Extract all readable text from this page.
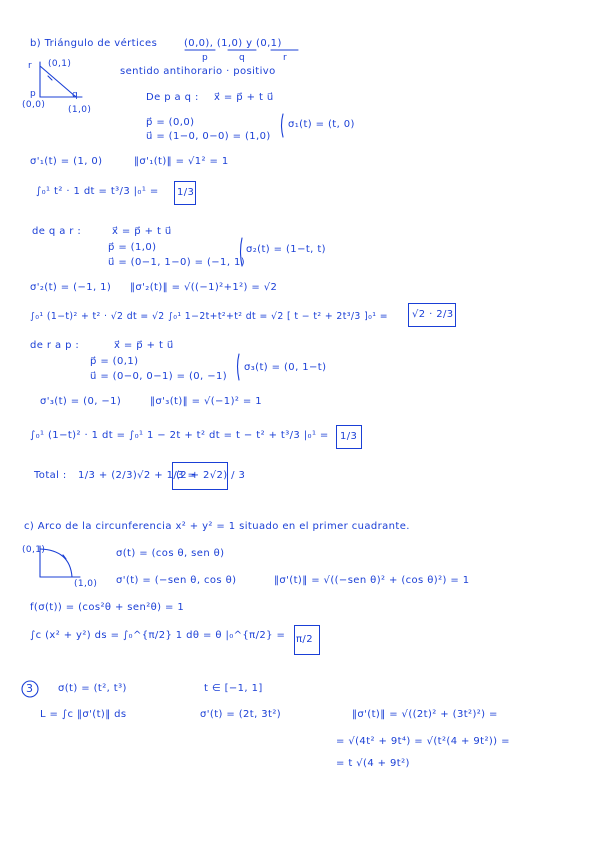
b) Triángulo de vértices	(0,0), (1,0) y (0,1)
p	q	r
sentido antihorario · positivo
r (0,1)
p
(0,0)
q
(1,0)
De p a q : x⃗ = p⃗ + t u⃗
p⃗ = (0,0)
u⃗ = (1−0, 0−0) = (1,0)
σ₁(t) = (t, 0)
σ'₁(t) = (1, 0)	‖σ'₁(t)‖ = √1² = 1
∫₀¹ t² · 1 dt = t³/3 |₀¹ = 1/3
de q a r :	x⃗ = p⃗ + t u⃗
p⃗ = (1,0)
u⃗ = (0−1, 1−0) = (−1, 1)
σ₂(t) = (1−t, t)
σ'₂(t) = (−1, 1) ‖σ'₂(t)‖ = √((−1)²+1²) = √2
∫₀¹ (1−t)² + t² · √2 dt = √2 ∫₀¹ 1−2t+t²+t² dt = √2 [ t − t² + 2t³/3 ]₀¹ = √2 · 2/3
de r a p :	x⃗ = p⃗ + t u⃗
p⃗ = (0,1)
u⃗ = (0−0, 0−1) = (0, −1)
σ₃(t) = (0, 1−t)
σ'₃(t) = (0, −1)	‖σ'₃(t)‖ = √(−1)² = 1
∫₀¹ (1−t)² · 1 dt = ∫₀¹ 1 − 2t + t² dt = t − t² + t³/3 |₀¹ = 1/3
Total : 1/3 + (2/3)√2 + 1/3 =
(2 + 2√2) / 3
c) Arco de la circunferencia x² + y² = 1 situado en el primer cuadrante.
(0,1)
(1,0)
σ(t) = (cos θ, sen θ)
σ'(t) = (−sen θ, cos θ)	‖σ'(t)‖ = √((−sen θ)² + (cos θ)²) = 1
f(σ(t)) = (cos²θ + sen²θ) = 1
∫c (x² + y²) ds = ∫₀^{π/2} 1 dθ = θ |₀^{π/2} = π/2
3 σ(t) = (t², t³)	t ∈ [−1, 1]
L = ∫c ‖σ'(t)‖ ds	σ'(t) = (2t, 3t²)	‖σ'(t)‖ = √((2t)² + (3t²)²) =
= √(4t² + 9t⁴) = √(t²(4 + 9t²)) =
= t √(4 + 9t²)
